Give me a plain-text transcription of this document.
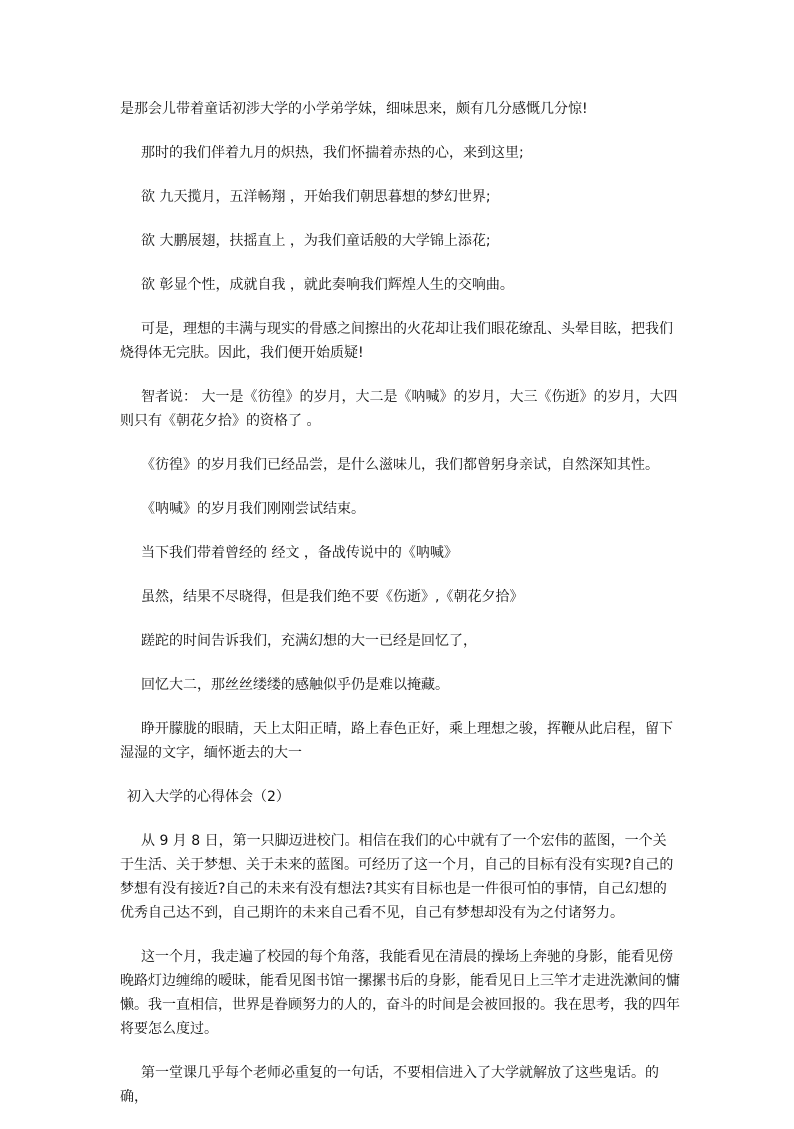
是那会儿带着童话初涉大学的小学弟学妹，细味思来，颇有几分感慨几分惊!

那时的我们伴着九月的炽热，我们怀揣着赤热的心，来到这里;

欲 九天揽月，五洋畅翔 ，开始我们朝思暮想的梦幻世界;

欲 大鹏展翅，扶摇直上 ，为我们童话般的大学锦上添花;

欲 彰显个性，成就自我 ，就此奏响我们辉煌人生的交响曲。

可是，理想的丰满与现实的骨感之间擦出的火花却让我们眼花缭乱、头晕目眩，把我们烧得体无完肤。因此，我们便开始质疑!

智者说： 大一是《彷徨》的岁月，大二是《呐喊》的岁月，大三《伤逝》的岁月，大四则只有《朝花夕拾》的资格了 。

《彷徨》的岁月我们已经品尝，是什么滋味儿，我们都曾躬身亲试，自然深知其性。

《呐喊》的岁月我们刚刚尝试结束。

当下我们带着曾经的 经文 ，备战传说中的《呐喊》

虽然，结果不尽晓得，但是我们绝不要《伤逝》,《朝花夕拾》

蹉跎的时间告诉我们，充满幻想的大一已经是回忆了，

回忆大二，那丝丝缕缕的感触似乎仍是难以掩藏。

睁开朦胧的眼睛，天上太阳正晴，路上春色正好，乘上理想之骏，挥鞭从此启程，留下湿湿的文字，缅怀逝去的大一

初入大学的心得体会（2）

从 9 月 8 日，第一只脚迈进校门。相信在我们的心中就有了一个宏伟的蓝图，一个关于生活、关于梦想、关于未来的蓝图。可经历了这一个月，自己的目标有没有实现?自己的梦想有没有接近?自己的未来有没有想法?其实有目标也是一件很可怕的事情，自己幻想的优秀自己达不到，自己期许的未来自己看不见，自己有梦想却没有为之付诸努力。

这一个月，我走遍了校园的每个角落，我能看见在清晨的操场上奔驰的身影，能看见傍晚路灯边缠绵的暧昧，能看见图书馆一摞摞书后的身影，能看见日上三竿才走进洗漱间的慵懒。我一直相信，世界是眷顾努力的人的，奋斗的时间是会被回报的。我在思考，我的四年将要怎么度过。

第一堂课几乎每个老师必重复的一句话，不要相信进入了大学就解放了这些鬼话。的确，
